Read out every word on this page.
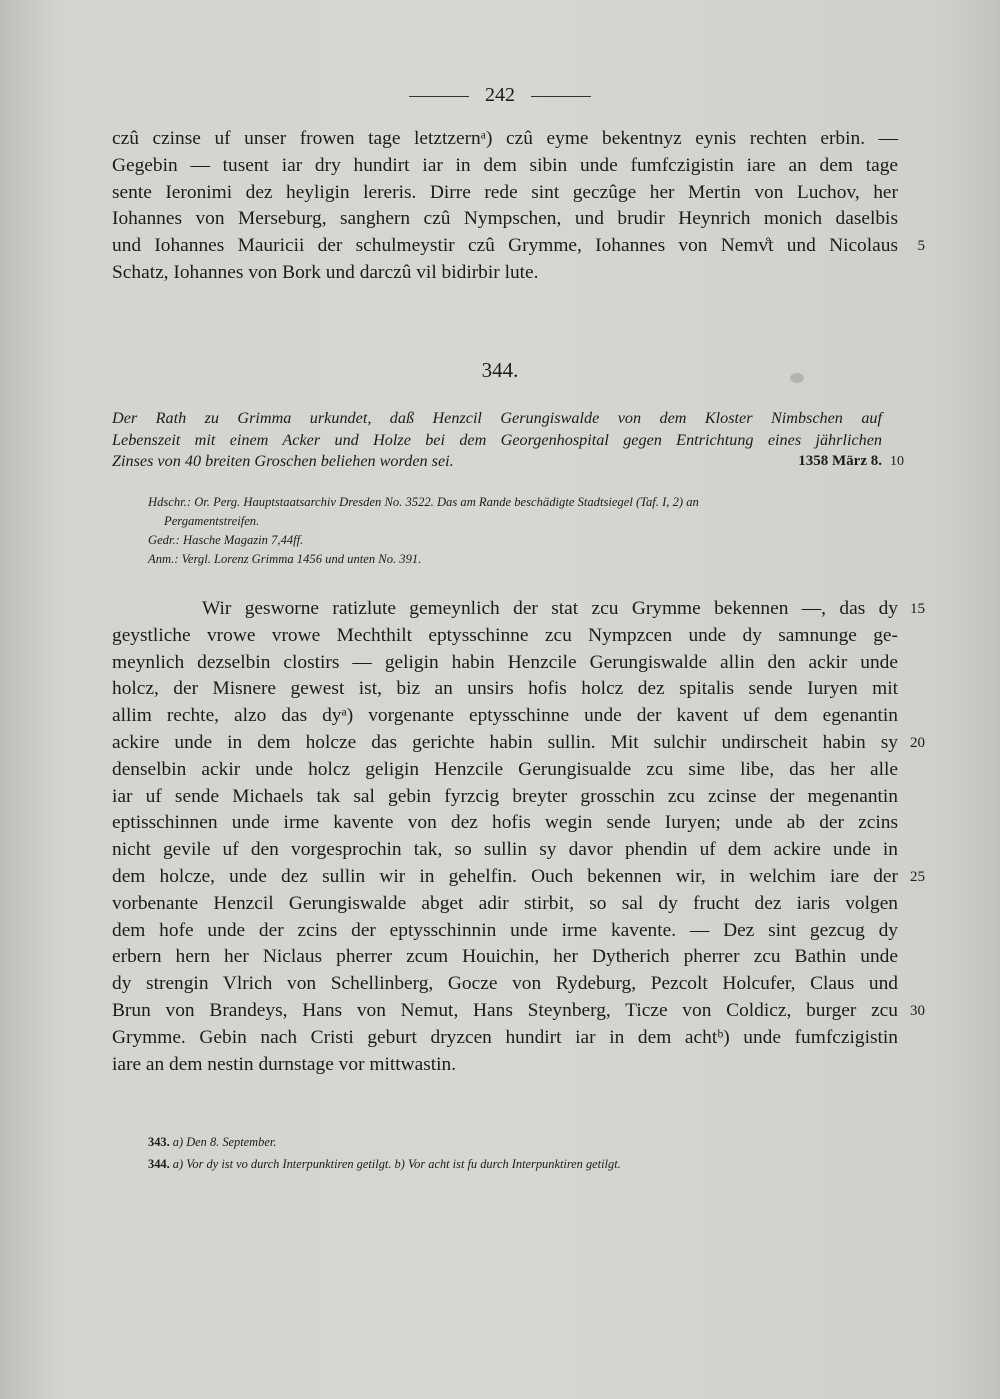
242
czû czinse uf unser frowen tage letztzernᵃ) czû eyme bekentnyz eynis rechten erbin. —
Gegebin — tusent iar dry hundirt iar in dem sibin unde fumfczigistin iare an dem tage
sente Ieronimi dez heyligin lereris. Dirre rede sint geczûge her Mertin von Luchov, her
Iohannes von Merseburg, sanghern czû Nympschen, und brudir Heynrich monich daselbis
und Iohannes Mauricii der schulmeystir czû Grymme, Iohannes von Nemv̊t und Nicolaus 5
Schatz, Iohannes von Bork und darczû vil bidirbir lute.
344.
Der Rath zu Grimma urkundet, daß Henzcil Gerungiswalde von dem Kloster Nimbschen auf
Lebenszeit mit einem Acker und Holze bei dem Georgenhospital gegen Entrichtung eines jährlichen
Zinses von 40 breiten Groschen beliehen worden sei.	1358 März 8. 10
Hdschr.: Or. Perg. Hauptstaatsarchiv Dresden No. 3522. Das am Rande beschädigte Stadtsiegel (Taf. I, 2) an
Pergamentstreifen.
Gedr.: Hasche Magazin 7,44ff.
Anm.: Vergl. Lorenz Grimma 1456 und unten No. 391.
Wir gesworne ratizlute gemeynlich der stat zcu Grymme bekennen —, das dy 15
geystliche vrowe vrowe Mechthilt eptysschinne zcu Nympzcen unde dy samnunge ge-
meynlich dezselbin clostirs — geligin habin Henzcile Gerungiswalde allin den ackir unde
holcz, der Misnere gewest ist, biz an unsirs hofis holcz dez spitalis sende Iuryen mit
allim rechte, alzo das dyᵃ) vorgenante eptysschinne unde der kavent uf dem egenantin
ackire unde in dem holcze das gerichte habin sullin. Mit sulchir undirscheit habin sy 20
denselbin ackir unde holcz geligin Henzcile Gerungisualde zcu sime libe, das her alle
iar uf sende Michaels tak sal gebin fyrzcig breyter grosschin zcu zcinse der megenantin
eptisschinnen unde irme kavente von dez hofis wegin sende Iuryen; unde ab der zcins
nicht gevile uf den vorgesprochin tak, so sullin sy davor phendin uf dem ackire unde in
dem holcze, unde dez sullin wir in gehelfin. Ouch bekennen wir, in welchim iare der 25
vorbenante Henzcil Gerungiswalde abget adir stirbit, so sal dy frucht dez iaris volgen
dem hofe unde der zcins der eptysschinnin unde irme kavente. — Dez sint gezcug dy
erbern hern her Niclaus pherrer zcum Houichin, her Dytherich pherrer zcu Bathin unde
dy strengin Vlrich von Schellinberg, Gocze von Rydeburg, Pezcolt Holcufer, Claus und
Brun von Brandeys, Hans von Nemut, Hans Steynberg, Ticze von Coldicz, burger zcu 30
Grymme. Gebin nach Cristi geburt dryzcen hundirt iar in dem achtᵇ) unde fumfczigistin
iare an dem nestin durnstage vor mittwastin.
343. a) Den 8. September.
344. a) Vor dy ist vo durch Interpunktiren getilgt. b) Vor acht ist fu durch Interpunktiren getilgt.
